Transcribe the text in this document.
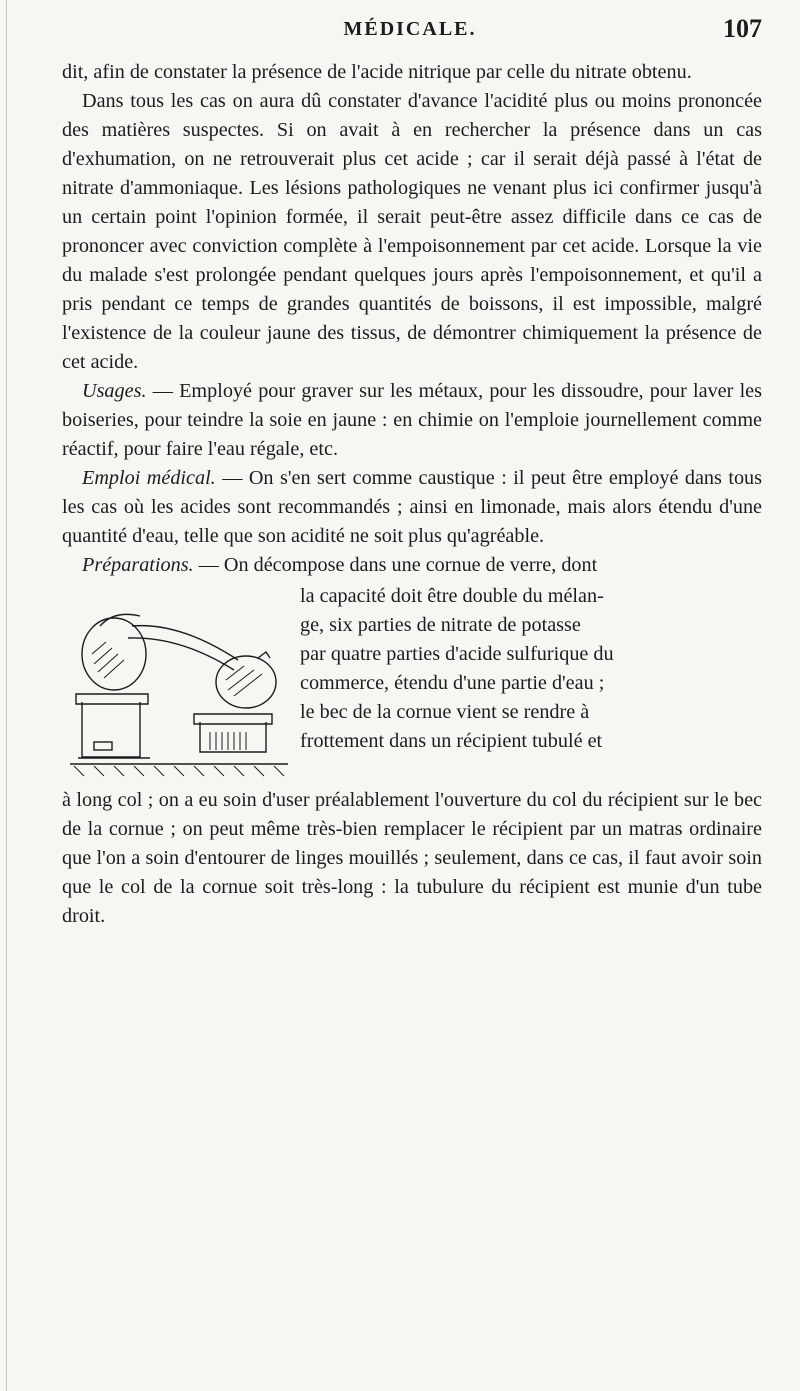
MÉDICALE.	107

dit, afin de constater la présence de l'acide nitrique par celle du nitrate obtenu.

Dans tous les cas on aura dû constater d'avance l'acidité plus ou moins prononcée des matières suspectes. Si on avait à en rechercher la présence dans un cas d'exhumation, on ne retrouverait plus cet acide ; car il serait déjà passé à l'état de nitrate d'ammoniaque. Les lésions pathologiques ne venant plus ici confirmer jusqu'à un certain point l'opinion formée, il serait peut-être assez difficile dans ce cas de prononcer avec conviction complète à l'empoisonnement par cet acide. Lorsque la vie du malade s'est prolongée pendant quelques jours après l'empoisonnement, et qu'il a pris pendant ce temps de grandes quantités de boissons, il est impossible, malgré l'existence de la couleur jaune des tissus, de démontrer chimiquement la présence de cet acide.

Usages. — Employé pour graver sur les métaux, pour les dissoudre, pour laver les boiseries, pour teindre la soie en jaune : en chimie on l'emploie journellement comme réactif, pour faire l'eau régale, etc.

Emploi médical. — On s'en sert comme caustique : il peut être employé dans tous les cas où les acides sont recommandés ; ainsi en limonade, mais alors étendu d'une quantité d'eau, telle que son acidité ne soit plus qu'agréable.

Préparations. — On décompose dans une cornue de verre, dont

la capacité doit être double du mélan-
ge, six parties de nitrate de potasse
par quatre parties d'acide sulfurique du
commerce, étendu d'une partie d'eau ;
le bec de la cornue vient se rendre à
frottement dans un récipient tubulé et

à long col ; on a eu soin d'user préalablement l'ouverture du col du récipient sur le bec de la cornue ; on peut même très-bien remplacer le récipient par un matras ordinaire que l'on a soin d'entourer de linges mouillés ; seulement, dans ce cas, il faut avoir soin que le col de la cornue soit très-long : la tubulure du récipient est munie d'un tube droit.
